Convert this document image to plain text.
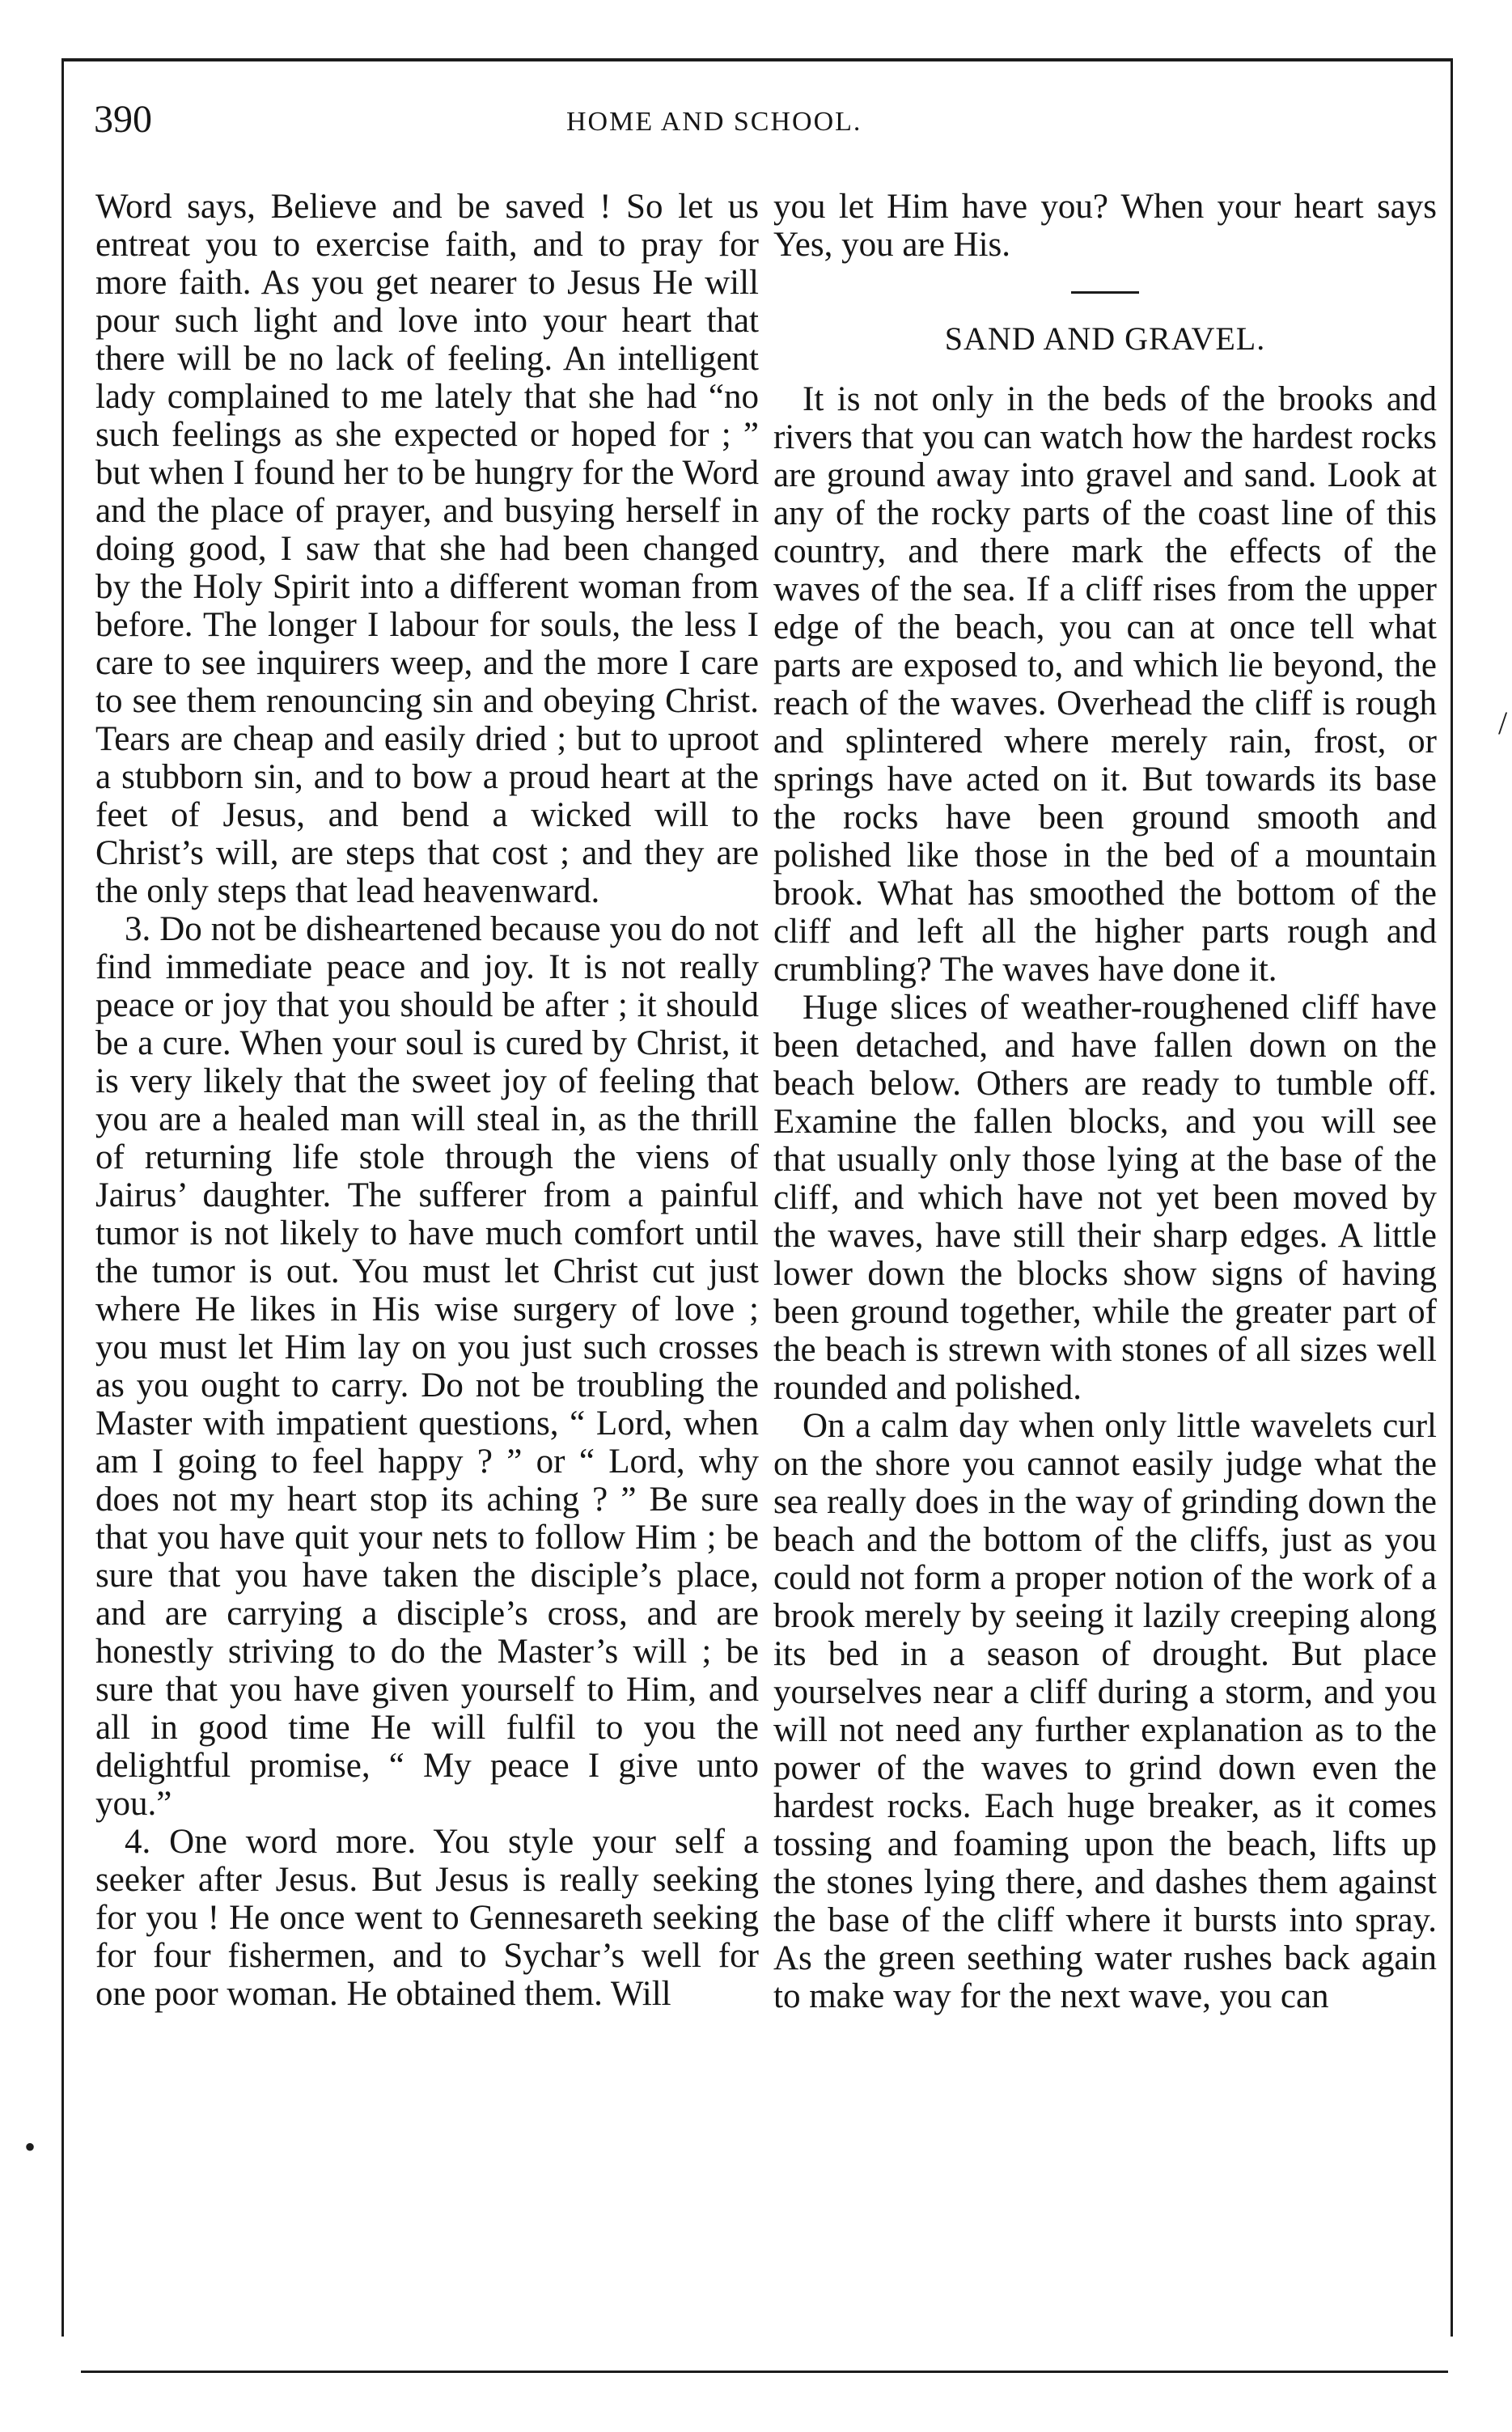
390	HOME AND SCHOOL.

Word says, Believe and be saved ! So let us entreat you to exercise faith, and to pray for more faith. As you get nearer to Jesus He will pour such light and love into your heart that there will be no lack of feeling. An intelligent lady complained to me lately that she had “no such feelings as she expected or hoped for ; ” but when I found her to be hungry for the Word and the place of prayer, and busying herself in doing good, I saw that she had been changed by the Holy Spirit into a different woman from before. The longer I labour for souls, the less I care to see inquirers weep, and the more I care to see them renouncing sin and obeying Christ. Tears are cheap and easily dried ; but to uproot a stubborn sin, and to bow a proud heart at the feet of Jesus, and bend a wicked will to Christ’s will, are steps that cost ; and they are the only steps that lead heavenward.

3. Do not be disheartened because you do not find immediate peace and joy. It is not really peace or joy that you should be after ; it should be a cure. When your soul is cured by Christ, it is very likely that the sweet joy of feeling that you are a healed man will steal in, as the thrill of returning life stole through the viens of Jairus’ daughter. The sufferer from a painful tumor is not likely to have much comfort until the tumor is out. You must let Christ cut just where He likes in His wise surgery of love ; you must let Him lay on you just such crosses as you ought to carry. Do not be troubling the Master with impatient questions, “ Lord, when am I going to feel happy ? ” or “ Lord, why does not my heart stop its aching ? ” Be sure that you have quit your nets to follow Him ; be sure that you have taken the disciple’s place, and are carrying a disciple’s cross, and are honestly striving to do the Master’s will ; be sure that you have given yourself to Him, and all in good time He will fulfil to you the delightful promise, “ My peace I give unto you.”

4. One word more. You style your self a seeker after Jesus. But Jesus is really seeking for you ! He once went to Gennesareth seeking for four fishermen, and to Sychar’s well for one poor woman. He obtained them. Will

you let Him have you? When your heart says Yes, you are His.

SAND AND GRAVEL.

It is not only in the beds of the brooks and rivers that you can watch how the hardest rocks are ground away into gravel and sand. Look at any of the rocky parts of the coast line of this country, and there mark the effects of the waves of the sea. If a cliff rises from the upper edge of the beach, you can at once tell what parts are exposed to, and which lie beyond, the reach of the waves. Overhead the cliff is rough and splintered where merely rain, frost, or springs have acted on it. But towards its base the rocks have been ground smooth and polished like those in the bed of a mountain brook. What has smoothed the bottom of the cliff and left all the higher parts rough and crumbling? The waves have done it.

Huge slices of weather-roughened cliff have been detached, and have fallen down on the beach below. Others are ready to tumble off. Examine the fallen blocks, and you will see that usually only those lying at the base of the cliff, and which have not yet been moved by the waves, have still their sharp edges. A little lower down the blocks show signs of having been ground together, while the greater part of the beach is strewn with stones of all sizes well rounded and polished.

On a calm day when only little wavelets curl on the shore you cannot easily judge what the sea really does in the way of grinding down the beach and the bottom of the cliffs, just as you could not form a proper notion of the work of a brook merely by seeing it lazily creeping along its bed in a season of drought. But place yourselves near a cliff during a storm, and you will not need any further explanation as to the power of the waves to grind down even the hardest rocks. Each huge breaker, as it comes tossing and foaming upon the beach, lifts up the stones lying there, and dashes them against the base of the cliff where it bursts into spray. As the green seething water rushes back again to make way for the next wave, you can

/
•
